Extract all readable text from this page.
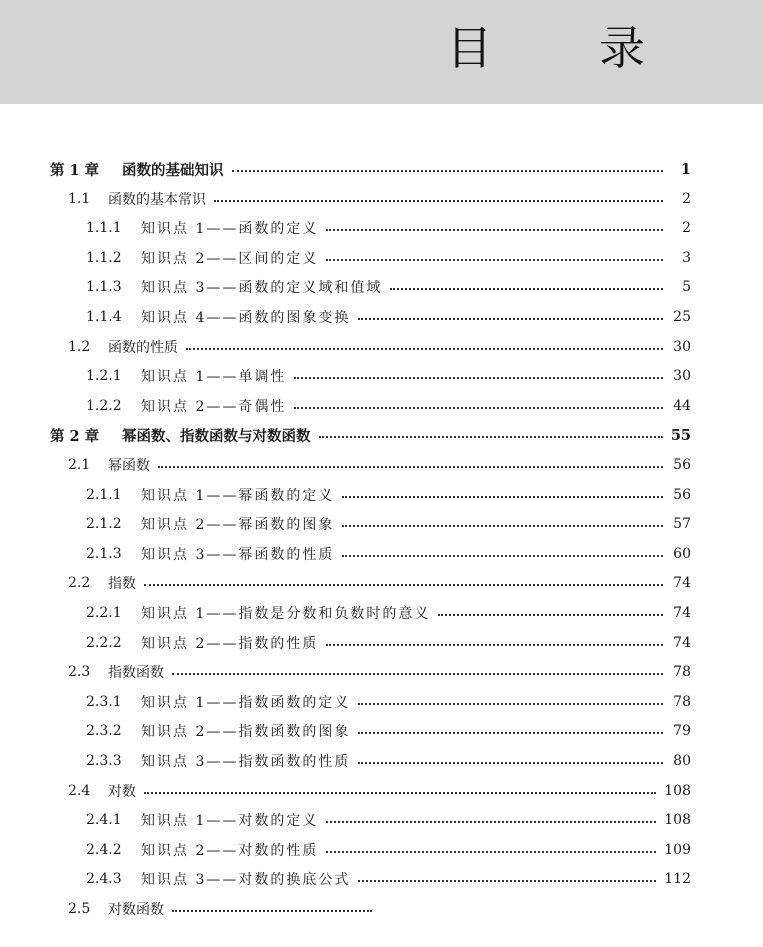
目 录
第 1 章	函数的基础知识	1
1.1	函数的基本常识	2
1.1.1	知识点 1——函数的定义	2
1.1.2	知识点 2——区间的定义	3
1.1.3	知识点 3——函数的定义域和值域	5
1.1.4	知识点 4——函数的图象变换	25
1.2	函数的性质	30
1.2.1	知识点 1——单调性	30
1.2.2	知识点 2——奇偶性	44
第 2 章	幂函数、指数函数与对数函数	55
2.1	幂函数	56
2.1.1	知识点 1——幂函数的定义	56
2.1.2	知识点 2——幂函数的图象	57
2.1.3	知识点 3——幂函数的性质	60
2.2	指数	74
2.2.1	知识点 1——指数是分数和负数时的意义	74
2.2.2	知识点 2——指数的性质	74
2.3	指数函数	78
2.3.1	知识点 1——指数函数的定义	78
2.3.2	知识点 2——指数函数的图象	79
2.3.3	知识点 3——指数函数的性质	80
2.4	对数	108
2.4.1	知识点 1——对数的定义	108
2.4.2	知识点 2——对数的性质	109
2.4.3	知识点 3——对数的换底公式	112
2.5	对数函数
